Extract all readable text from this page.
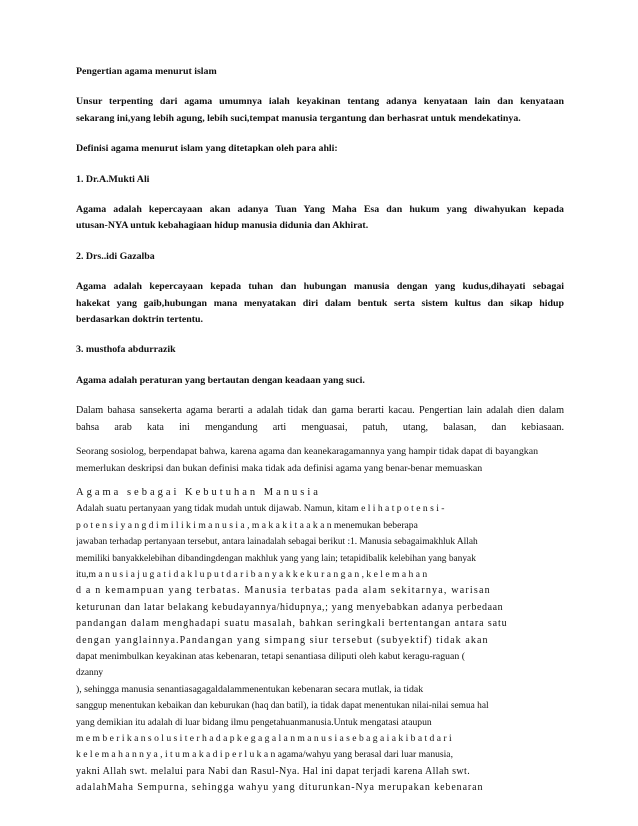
Pengertian agama menurut islam

Unsur terpenting dari agama umumnya ialah keyakinan tentang adanya kenyataan lain dan kenyataan

sekarang ini,yang lebih agung, lebih suci,tempat manusia tergantung dan berhasrat untuk mendekatinya.

Definisi agama menurut islam yang ditetapkan oleh para ahli:

1. Dr.A.Mukti Ali

Agama adalah kepercayaan akan adanya Tuan Yang Maha Esa dan hukum yang diwahyukan kepada

utusan-NYA untuk kebahagiaan hidup manusia didunia dan Akhirat.

2. Drs..idi Gazalba

Agama adalah kepercayaan kepada tuhan dan hubungan manusia dengan yang kudus,dihayati sebagai

hakekat yang gaib,hubungan mana menyatakan diri dalam bentuk serta sistem kultus dan sikap hidup

berdasarkan doktrin tertentu.

3. musthofa abdurrazik

Agama adalah peraturan yang bertautan dengan keadaan yang suci.

Dalam bahasa sansekerta agama berarti a adalah tidak dan gama berarti kacau. Pengertian lain adalah dien dalam

bahsa arab kata ini mengandung arti menguasai, patuh, utang, balasan, dan kebiasaan.

Seorang sosiolog, berpendapat bahwa, karena agama dan keanekaragamannya yang hampir tidak dapat di bayangkan

memerlukan deskripsi dan bukan definisi maka tidak ada definisi agama yang benar-benar memuaskan

Agama sebagai Kebutuhan Manusia

Adalah suatu pertanyaan yang tidak mudah untuk dijawab. Namun, kitam e l i h a t p o t e n s i -
p o t e n s i y a n g d i m i l i k i m a n u s i a , m a k a k i t a a k a n menemukan beberapa
jawaban terhadap pertanyaan tersebut, antara lainadalah sebagai berikut :1. Manusia sebagaimakhluk Allah
memiliki banyakkelebihan dibandingdengan makhluk yang yang lain; tetapidibalik kelebihan yang banyak
itu,m a n u s i a j u g a t i d a k l u p u t d a r i b a n y a k k e k u r a n g a n , k e l e m a h a n
d a n kemampuan yang terbatas. Manusia terbatas pada alam sekitarnya, warisan
keturunan dan latar belakang kebudayannya/hidupnya,; yang menyebabkan adanya perbedaan
pandangan dalam menghadapi suatu masalah, bahkan seringkali bertentangan antara satu
dengan yanglainnya.Pandangan yang simpang siur tersebut (subyektif) tidak akan
dapat menimbulkan keyakinan atas kebenaran, tetapi senantiasa diliputi oleh kabut keragu-raguan (
dzanny
), sehingga manusia senantiasagagaldalammenentukan kebenaran secara mutlak, ia tidak
sanggup menentukan kebaikan dan keburukan (haq dan batil), ia tidak dapat menentukan nilai-nilai semua hal
yang demikian itu adalah di luar bidang ilmu pengetahuanmanusia.Untuk mengatasi ataupun
m e m b e r i k a n s o l u s i t e r h a d a p k e g a g a l a n m a n u s i a s e b a g a i a k i b a t d a r i
k e l e m a h a n n y a , i t u m a k a d i p e r l u k a n agama/wahyu yang berasal dari luar manusia,
yakni Allah swt. melalui para Nabi dan Rasul-Nya. Hal ini dapat terjadi karena Allah swt.
adalahMaha Sempurna, sehingga wahyu yang diturunkan-Nya merupakan kebenaran
